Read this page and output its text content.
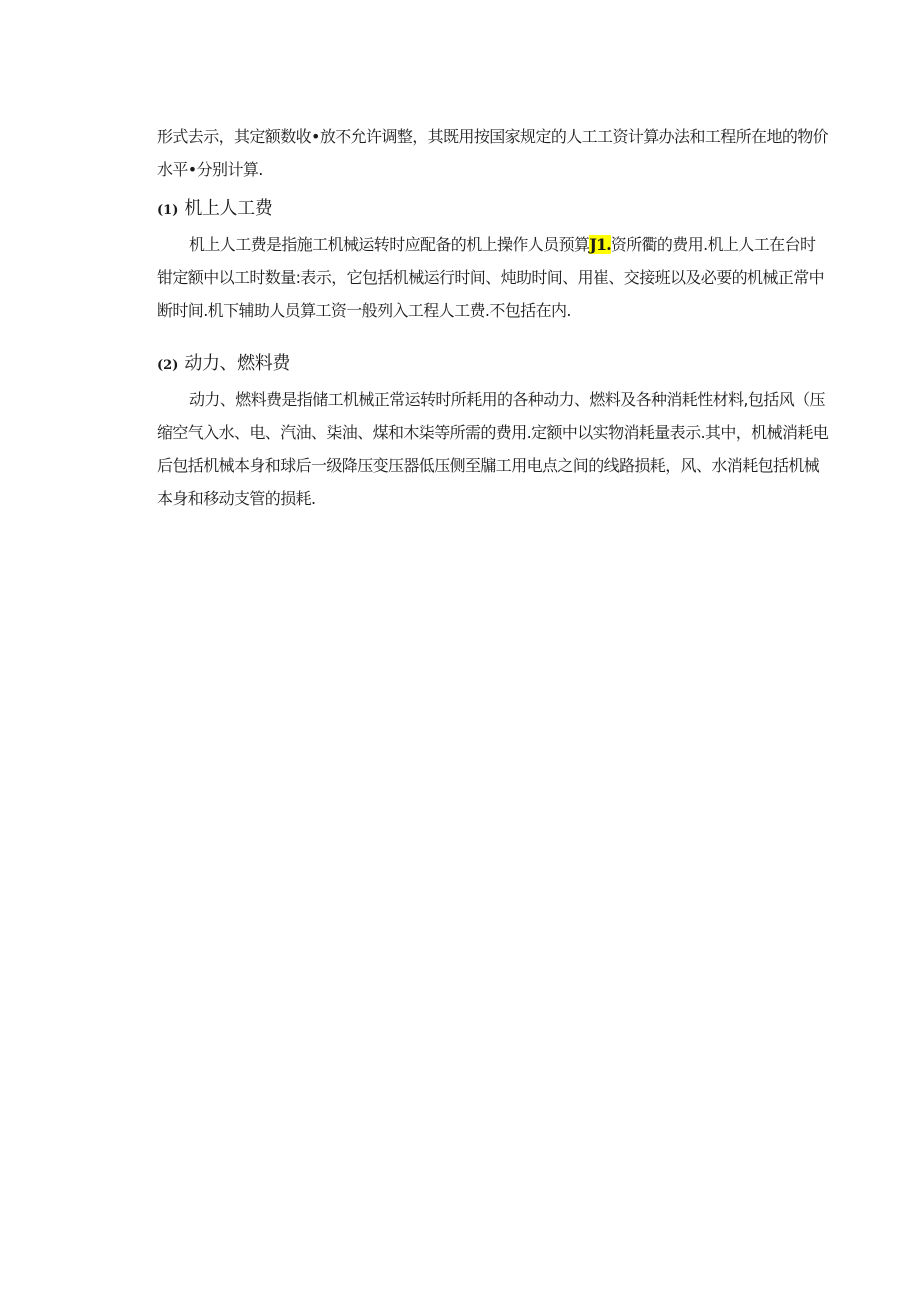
形式去示，其定额数收•放不允许调整，其既用按国家规定的人工工资计算办法和工程所在地的物价
水平•分别计算.

(1) 机上人工费

机上人工费是指施工机械运转时应配备的机上操作人员预算J1.资所衢的费用.机上人工在台时
钳定额中以工时数量:表示，它包括机械运行时间、炖助时间、用崔、交接班以及必要的机械正常中
断时间.机下辅助人员算工资一般列入工程人工费.不包括在内.

(2) 动力、燃料费

动力、燃料费是指储工机械正常运转时所耗用的各种动力、燃料及各种消耗性材料,包括风（压
缩空气入水、电、汽油、柒油、煤和木柒等所需的费用.定额中以实物消耗量表示.其中，机械消耗电
后包括机械本身和球后一级降压变压器低压侧至牖工用电点之间的线路损耗，风、水消耗包括机械
本身和移动支管的损耗.
